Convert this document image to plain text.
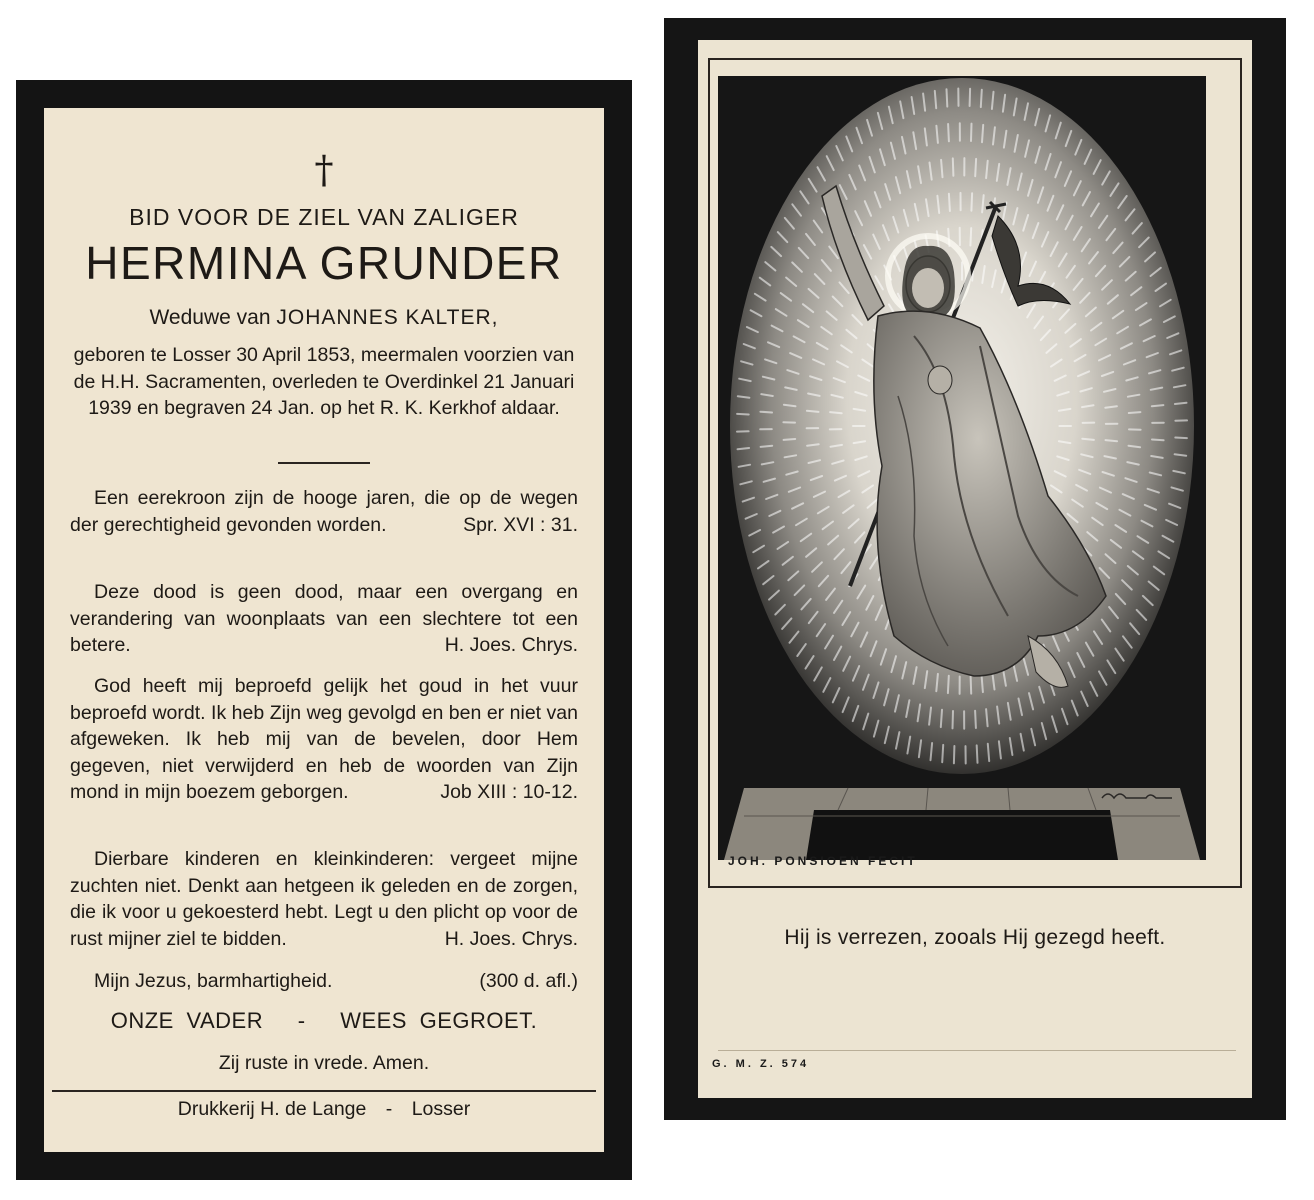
†
BID VOOR DE ZIEL VAN ZALIGER
HERMINA GRUNDER
Weduwe van JOHANNES KALTER,
geboren te Losser 30 April 1853, meermalen voorzien van de H.H. Sacramenten, overleden te Overdinkel 21 Januari 1939 en begraven 24 Jan. op het R. K. Kerkhof aldaar.
Een eerekroon zijn de hooge jaren, die op de wegen der gerechtigheid gevonden worden.	Spr. XVI : 31.
Deze dood is geen dood, maar een overgang en verandering van woonplaats van een slechtere tot een betere.	H. Joes. Chrys.
God heeft mij beproefd gelijk het goud in het vuur beproefd wordt. Ik heb Zijn weg gevolgd en ben er niet van afgeweken. Ik heb mij van de bevelen, door Hem gegeven, niet verwijderd en heb de woorden van Zijn mond in mijn boezem geborgen.	Job XIII : 10-12.
Dierbare kinderen en kleinkinderen: vergeet mijne zuchten niet. Denkt aan hetgeen ik geleden en de zorgen, die ik voor u gekoesterd hebt. Legt u den plicht op voor de rust mijner ziel te bidden.	H. Joes. Chrys.
Mijn Jezus, barmhartigheid.	(300 d. afl.)
ONZE VADER - WEES GEGROET.
Zij ruste in vrede. Amen.
Drukkerij H. de Lange - Losser
JOH. PONSIOEN FECIT
Hij is verrezen, zooals Hij gezegd heeft.
G. M. Z. 574
